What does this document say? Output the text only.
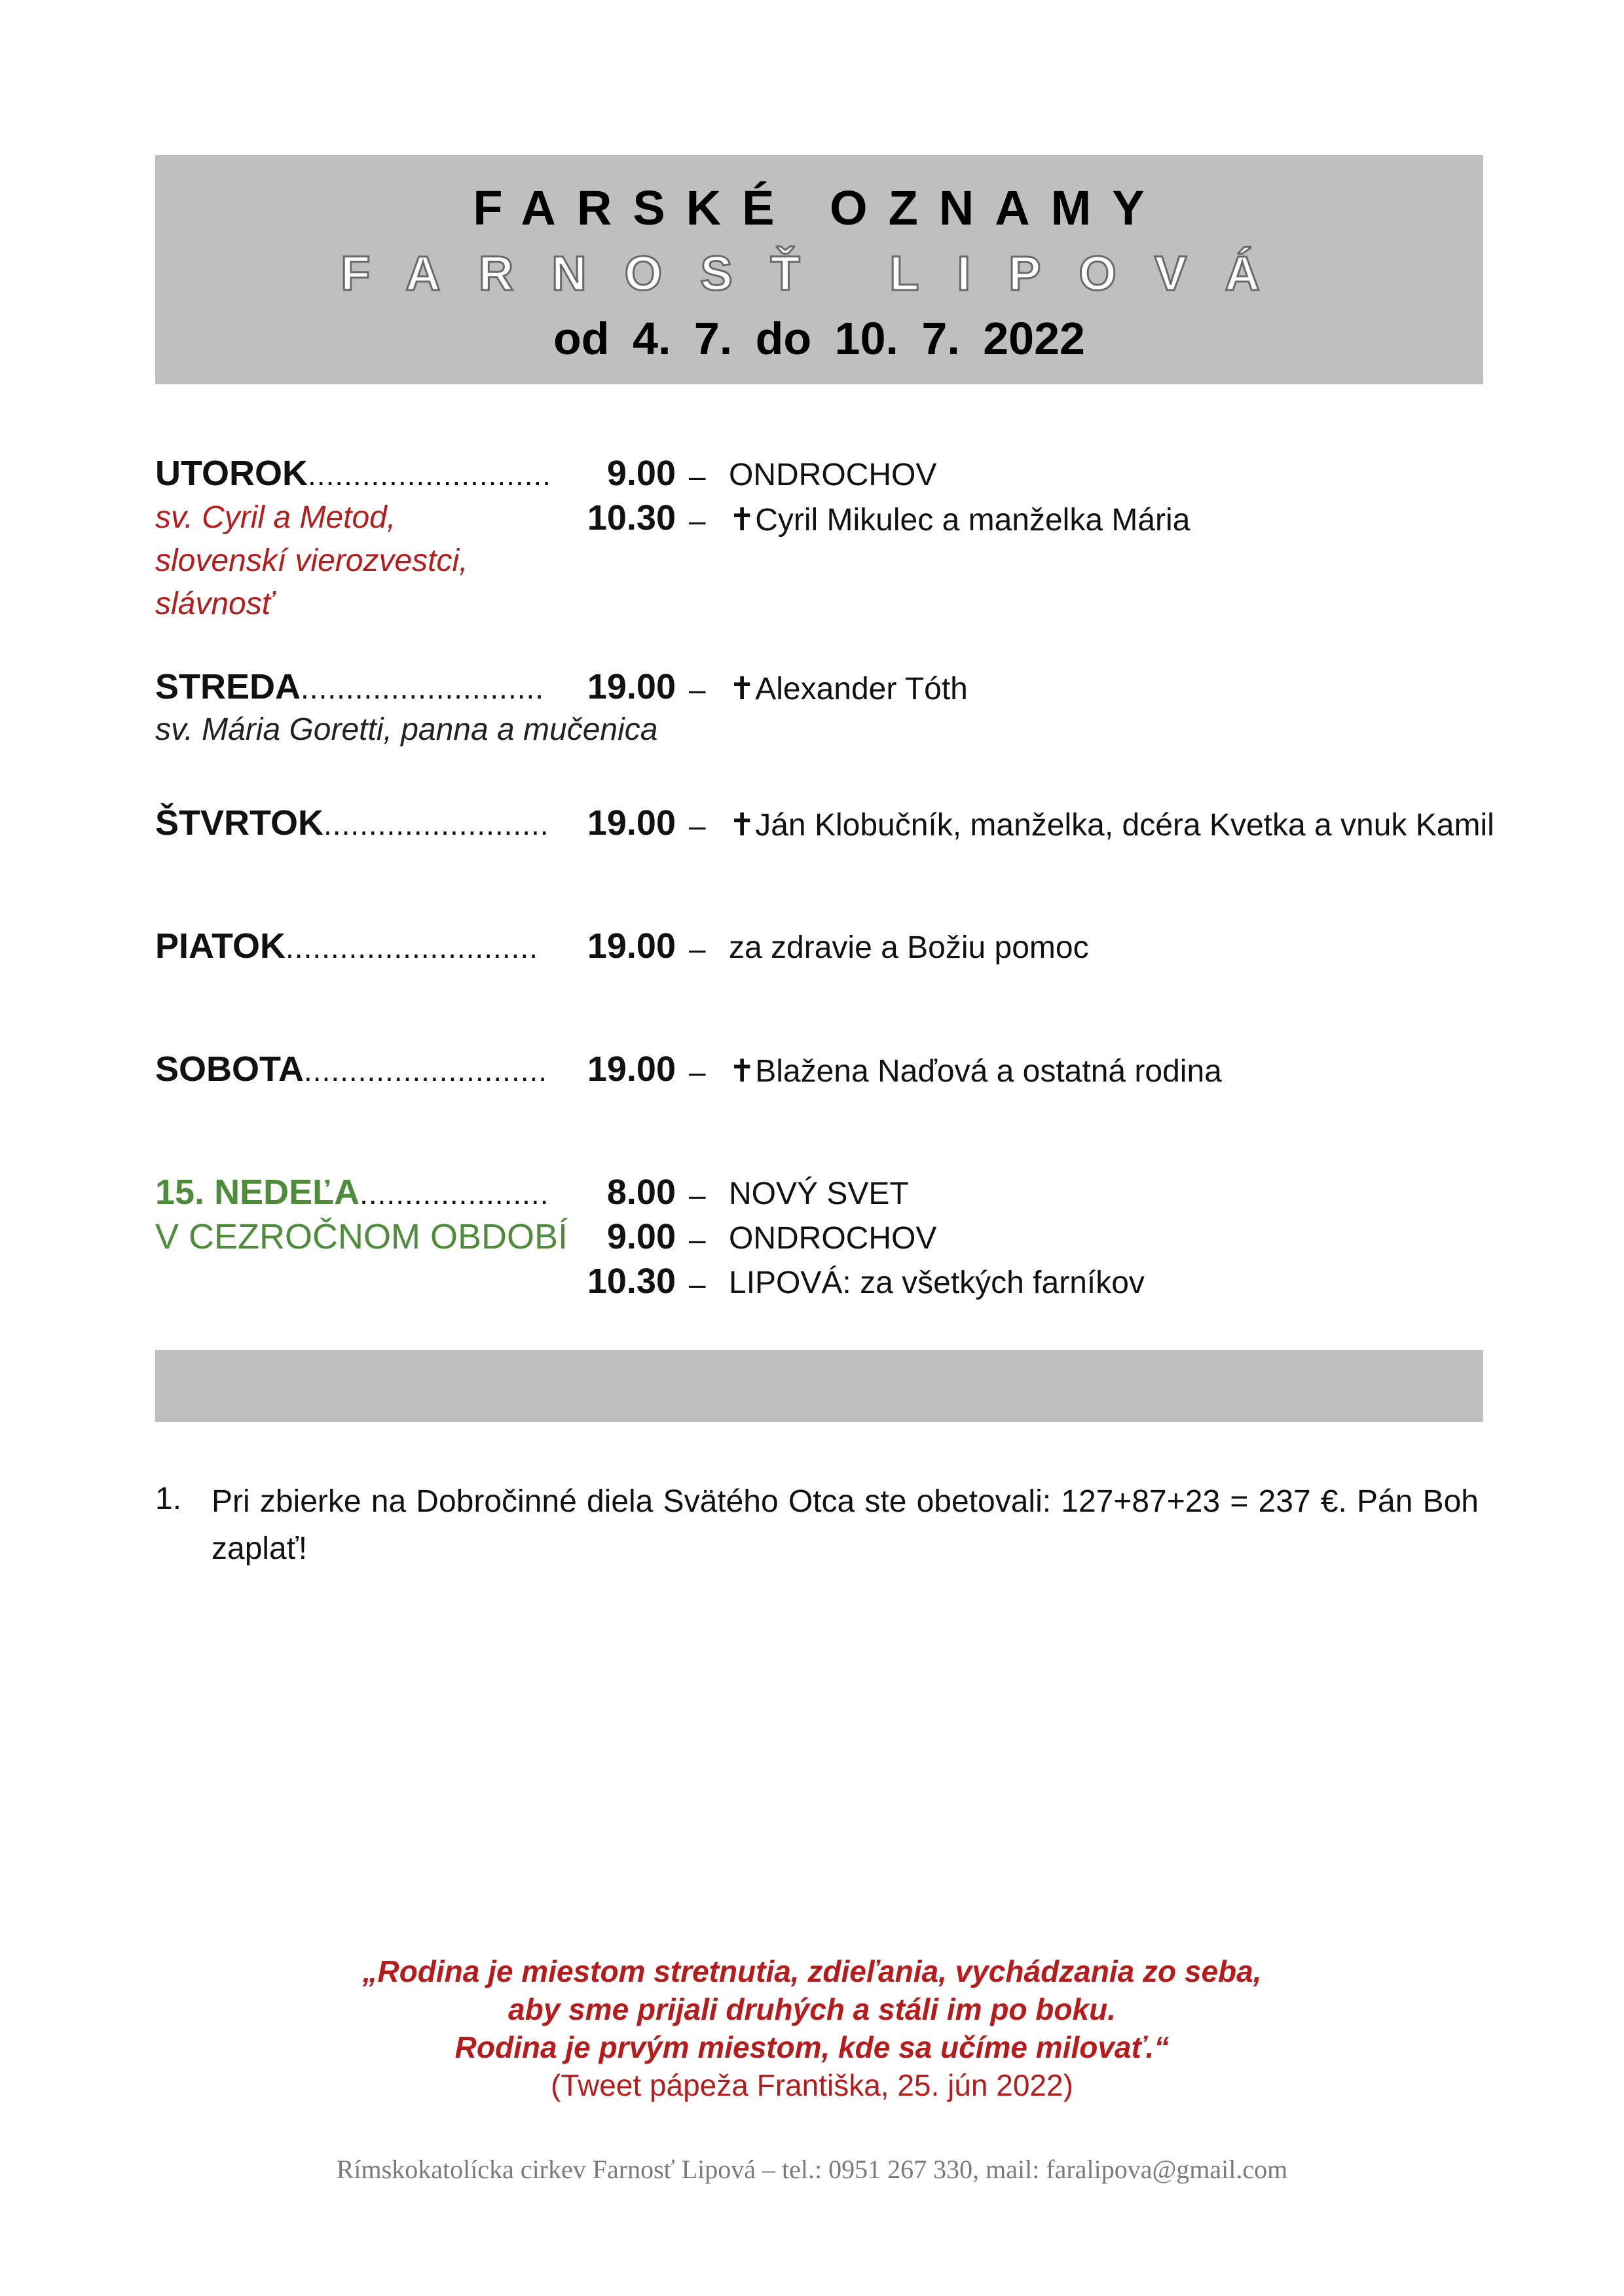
FARSKÉ OZNAMY
FARNOSŤ LIPOVÁ
od 4. 7. do 10. 7. 2022
UTOROK...........................	9.00 – ONDROCHOV
sv. Cyril a Metod,
slovenskí vierozvestci,
slávnosť
10.30 – ✝Cyril Mikulec a manželka Mária
STREDA...........................	19.00 – ✝Alexander Tóth
sv. Mária Goretti, panna a mučenica
ŠTVRTOK.........................	19.00 – ✝Ján Klobučník, manželka, dcéra Kvetka a vnuk Kamil
PIATOK............................	19.00 – za zdravie a Božiu pomoc
SOBOTA...........................	19.00 – ✝Blažena Naďová a ostatná rodina
15. NEDEĽA.....................	8.00 – NOVÝ SVET
V CEZROČNOM OBDOBÍ	9.00 – ONDROCHOV
10.30 – LIPOVÁ: za všetkých farníkov
1. Pri zbierke na Dobročinné diela Svätého Otca ste obetovali: 127+87+23 = 237 €. Pán Boh zaplať!
„Rodina je miestom stretnutia, zdieľania, vychádzania zo seba,
aby sme prijali druhých a stáli im po boku.
Rodina je prvým miestom, kde sa učíme milovať.“
(Tweet pápeža Františka, 25. jún 2022)
Rímskokatolícka cirkev Farnosť Lipová – tel.: 0951 267 330, mail: faralipova@gmail.com
